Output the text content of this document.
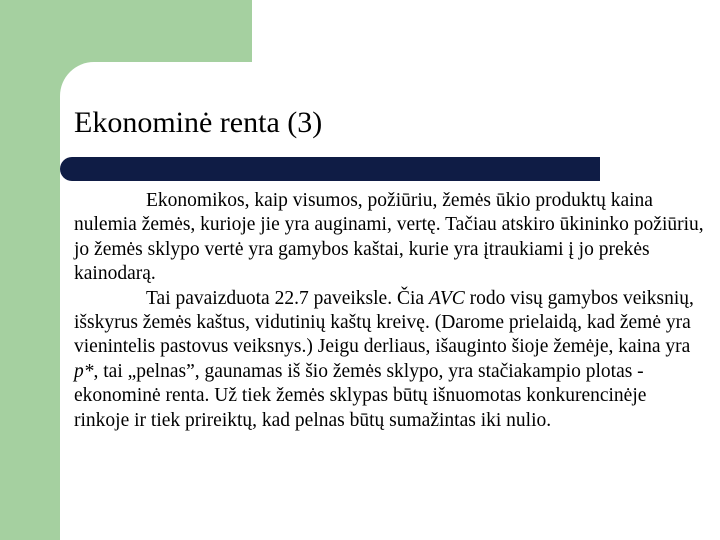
Ekonominė renta (3)

Ekonomikos, kaip visumos, požiūriu, žemės ūkio produktų kaina nulemia žemės, kurioje jie yra auginami, vertę. Tačiau atskiro ūkininko požiūriu, jo žemės sklypo vertė yra gamybos kaštai, kurie yra įtraukiami į jo prekės kainodarą.

Tai pavaizduota 22.7 paveiksle. Čia AVC rodo visų gamybos veiksnių, išskyrus žemės kaštus, vidutinių kaštų kreivę. (Darome prielaidą, kad žemė yra vienintelis pastovus veiksnys.) Jeigu derliaus, išauginto šioje žemėje, kaina yra p*, tai „pelnas”, gaunamas iš šio žemės sklypo, yra stačiakampio plotas - ekonominė renta. Už tiek žemės sklypas būtų išnuomotas konkurencinėje rinkoje ir tiek prireiktų, kad pelnas būtų sumažintas iki nulio.
